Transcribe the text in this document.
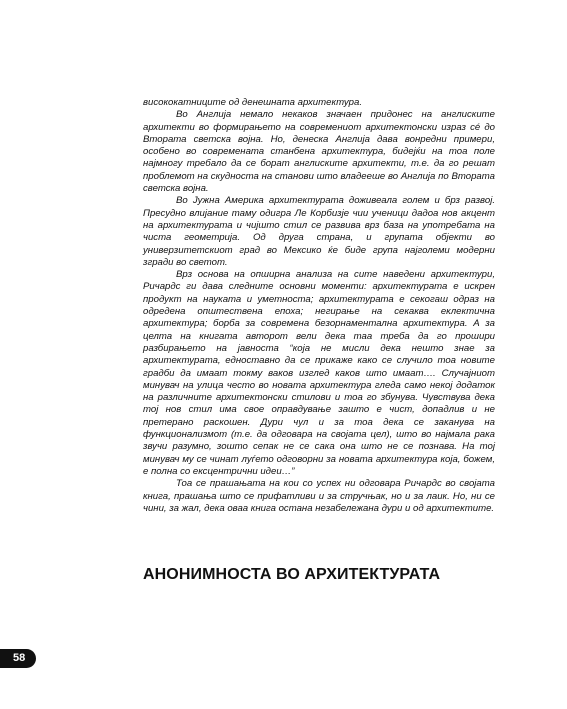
58

висококатниците од денешната архитектура.

Во Англија немало некаков значаен придонес на англиските архитекти во формирањето на современиот архитектонски израз сé до Втората светска војна. Но, денеска Англија дава вонредни примери, особено во современата станбена архитектура, бидејќи на тоа поле најмногу требало да се борат англиските архитекти, т.е. да го решат проблемот на скудноста на станови што владееше во Англија по Втората светска војна.

Во Јужна Америка архитектурата доживеала голем и брз развој. Пресудно влијание таму одигра Ле Корбизје чии ученици дадоа нов акцент на архитектурата и чијшто стил се развива врз база на употребата на чиста геометрија. Од друга страна, и групата објекти во универзитетскиот град во Мексико ќе биде група најголеми модерни згради во светот.

Врз основа на опширна анализа на сите наведени архитектури, Ричардс ги дава следните основни моменти: архитектурата е искрен продукт на науката и уметноста; архитектурата е секогаш одраз на одредена општествена епоха; негирање на секаква еклектичнa архитектура; борба за современа безорнаментална архитектура. А за целта на книгата авторот вели дека таа треба да го прошири разбирањето на јавноста “која не мисли дека нешто знае за архитектурата, едноставно да се прикаже како се случило тоа новите градби да имаат токму ваков изглед каков што имаат…. Случајниот минувач на улица често во новата архитектура гледа само некој додаток на различните архитектонски стилови и тоа го збунува. Чувствува дека тој нов стил има свое оправдување зашто е чист, допадлив и не претерано раскошен. Дури чул и за тоа дека се заканува на функционализмот (т.е. да одговара на својата цел), што во најмала рака звучи разумно, зошто сепак не се сака она што не се познава. На тој минувач му се чинат луѓето одговорни за новата архитектура која, божем, е полна со ексцентрични идеи…”

Тоа се прашањата на кои со успех ни одговара Ричардс во својата книга, прашања што се прифатливи и за стручњак, но и за лаик. Но, ни се чини, за жал, дека оваа книга остана незабележана дури и од архитектите.

АНОНИМНОСТА ВО АРХИТЕКТУРАТА
